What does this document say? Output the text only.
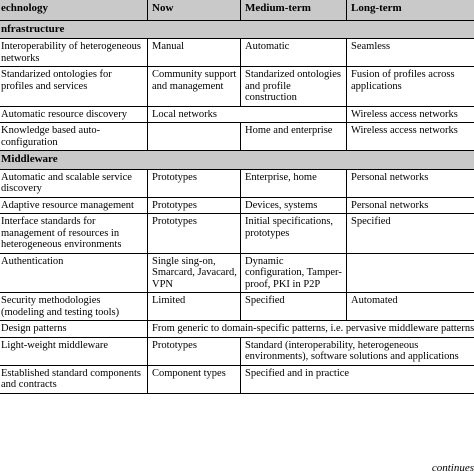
echnology	Now	Medium-term	Long-term
nfrastructure			
Interoperability of heterogeneous networks	Manual	Automatic	Seamless
Standarized ontologies for profiles and services	Community support and management	Standarized ontologies and profile construction	Fusion of profiles across applications
Automatic resource discovery	Local networks		Wireless access networks
Knowledge based auto-configuration		Home and enterprise	Wireless access networks
Middleware			
Automatic and scalable service discovery	Prototypes	Enterprise, home	Personal networks
Adaptive resource management	Prototypes	Devices, systems	Personal networks
Interface standards for management of resources in heterogeneous environments	Prototypes	Initial specifications, prototypes	Specified
Authentication	Single sing-on, Smarcard, Javacard, VPN	Dynamic configuration, Tamper-proof, PKI in P2P	
Security methodologies (modeling and testing tools)	Limited	Specified	Automated
Design patterns	From generic to domain-specific patterns, i.e. pervasive middleware patterns		
Light-weight middleware	Prototypes	Standard (interoperability, heterogeneous environments), software solutions and applications	
Established standard components and contracts	Component types	Specified and in practice	
continues
